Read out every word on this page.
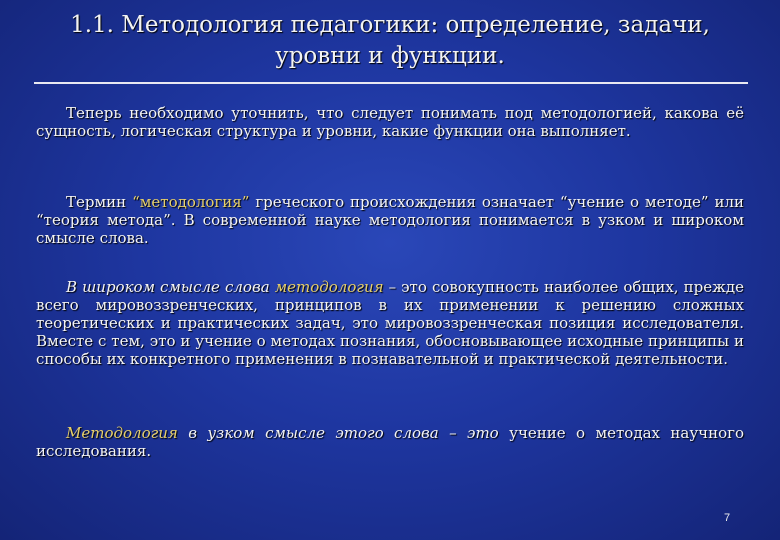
1.1. Методология педагогики: определение, задачи,
уровни и функции.
Теперь необходимо уточнить, что следует понимать под методологией, какова её сущность, логическая структура и уровни, какие функции она выполняет.
Термин “методология” греческого происхождения означает “учение о методе” или “теория метода”. В современной науке методология понимается в узком и широком смысле слова.
В широком смысле слова методология – это совокупность наиболее общих, прежде всего мировоззренческих, принципов в их применении к решению сложных теоретических и практических задач, это мировоззренческая позиция исследователя. Вместе с тем, это и учение о методах познания, обосновывающее исходные принципы и способы их конкретного применения в познавательной и практической деятельности.
Методология в узком смысле этого слова – это учение о методах научного исследования.
7
